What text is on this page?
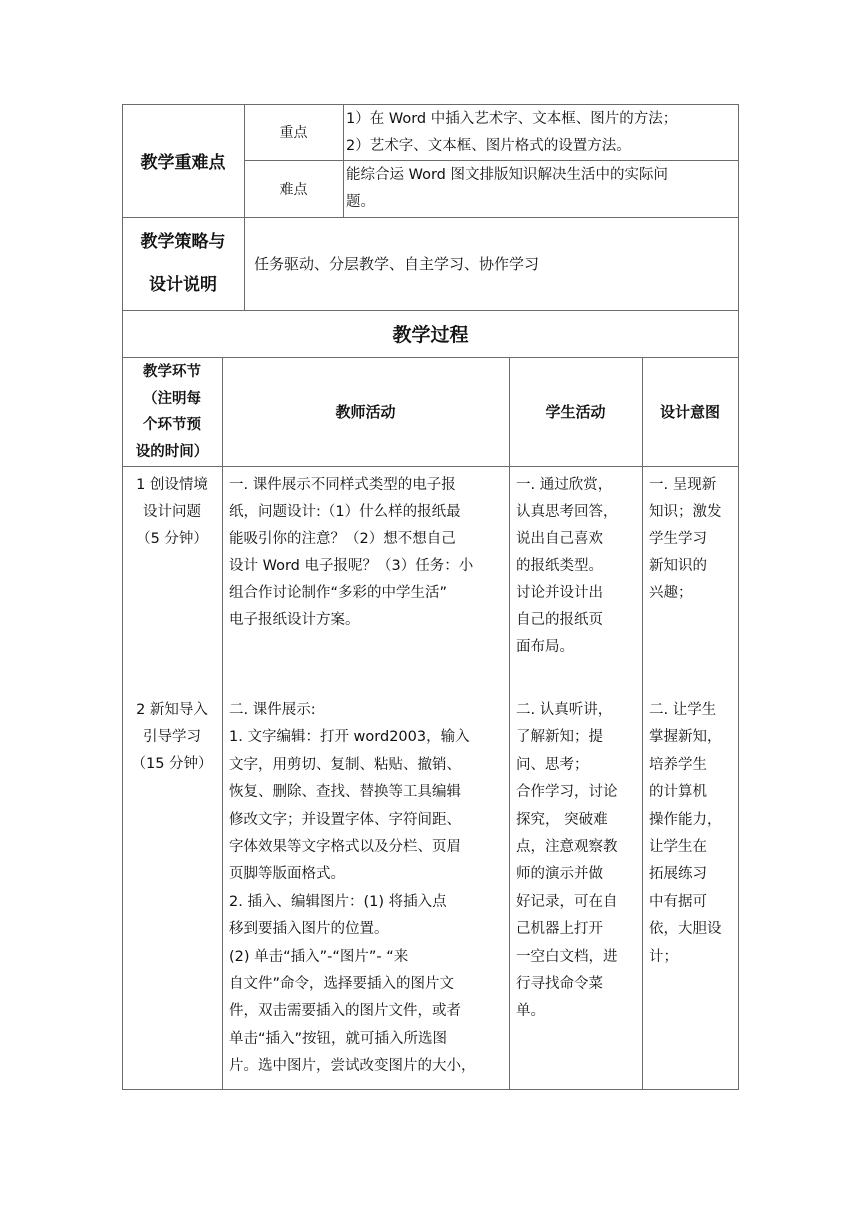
教学重难点
重点
1）在 Word 中插入艺术字、文本框、图片的方法；
2）艺术字、文本框、图片格式的设置方法。
难点
能综合运 Word 图文排版知识解决生活中的实际问
题。
教学策略与
设计说明
任务驱动、分层教学、自主学习、协作学习
教学过程
教学环节
（注明每
个环节预
设的时间）
教师活动	学生活动	设计意图
1 创设情境
设计问题
（5 分钟）
一. 课件展示不同样式类型的电子报
纸，问题设计:（1）什么样的报纸最
能吸引你的注意？（2）想不想自己
设计 Word 电子报呢？（3）任务：小
组合作讨论制作“多彩的中学生活”
电子报纸设计方案。
一. 通过欣赏，
认真思考回答，
说出自己喜欢
的报纸类型。
讨论并设计出
自己的报纸页
面布局。
一. 呈现新
知识；激发
学生学习
新知识的
兴趣；
2 新知导入
引导学习
（15 分钟）
二. 课件展示:
1. 文字编辑：打开 word2003，输入
文字，用剪切、复制、粘贴、撤销、
恢复、删除、查找、替换等工具编辑
修改文字；并设置字体、字符间距、
字体效果等文字格式以及分栏、页眉
页脚等版面格式。
2. 插入、编辑图片：(1) 将插入点
移到要插入图片的位置。
(2) 单击“插入”-“图片”- “来
自文件”命令，选择要插入的图片文
件，双击需要插入的图片文件，或者
单击“插入”按钮，就可插入所选图
片。选中图片，尝试改变图片的大小，
二. 认真听讲，
了解新知；提
问、思考；
合作学习，讨论
探究， 突破难
点，注意观察教
师的演示并做
好记录，可在自
己机器上打开
一空白文档，进
行寻找命令菜
单。
二. 让学生
掌握新知，
培养学生
的计算机
操作能力，
让学生在
拓展练习
中有据可
依，大胆设
计；
